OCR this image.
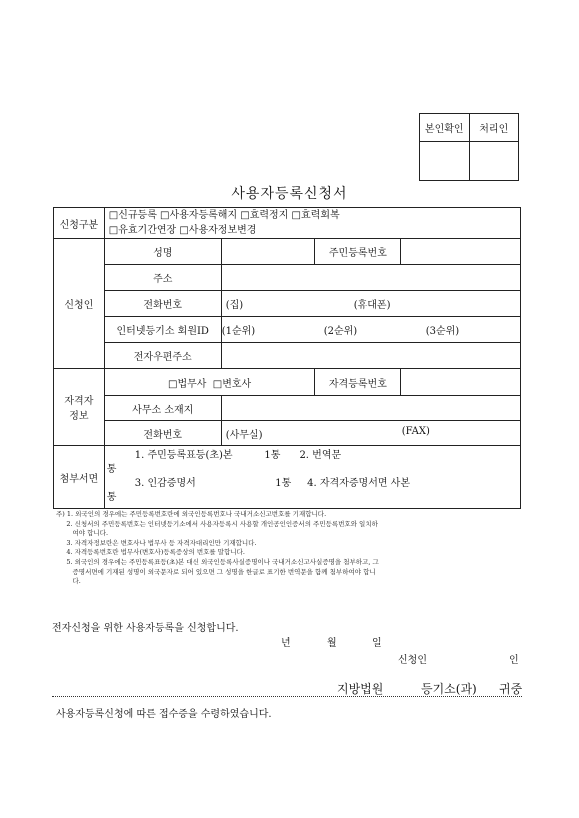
본인확인	처리인

사용자등록신청서
신청구분	□신규등록 □사용자등록해지 □효력정지 □효력회복
□유효기간연장 □사용자정보변경			

신청인	성명		주민등록번호	
	주소			
	전화번호	(집) (휴대폰)		

	인터넷등기소 회원ID	(1순위) (2순위) (3순위)		

	전자우편주소			

자격자
정보	□법무사  □변호사		자격등록번호	
	사무소 소재지			
	전화번호	(사무실) (FAX)		

첨부서면	1. 주민등록표등(초)본          1통      2. 번역문
통
3. 인감증명서                         1통     4. 자격자증명서면 사본
통			
주) 1. 외국인의 경우에는 주민등록번호란에 외국인등록번호나 국내거소신고번호를 기재합니다.
2. 신청서의 주민등록번호는 인터넷등기소에서 사용자등록시 사용할 개인공인인증서의 주민등록번호와 일치하
여야 합니다.
3. 자격자정보란은 변호사나 법무사 등 자격자대리인만 기재합니다.
4. 자격등록번호란 법무사(변호사)등록증상의 번호를 말합니다.
5. 외국인의 경우에는 주민등록표등(초)본 대신 외국인등록사실증명이나 국내거소신고사실증명을 첨부하고, 그
증명서면에 기재된 성명이 외국문자로 되어 있으면 그 성명을 한글로 표기한 번역문을 함께 첨부하여야 합니
다.
전자신청을 위한 사용자등록을 신청합니다.
년	월	일
신청인	인
지방법원	등기소(과) 귀중
사용자등록신청에 따른 접수증을 수령하였습니다.
